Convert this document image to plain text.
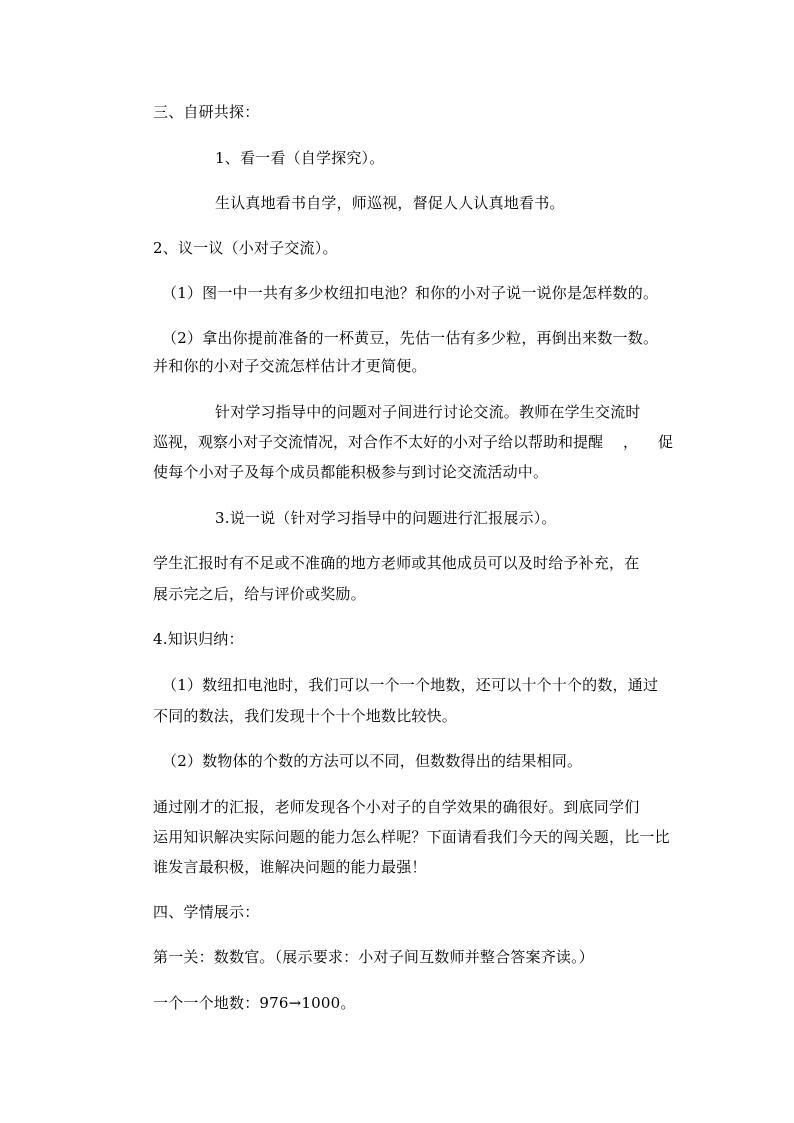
三、自研共探：
1、看一看（自学探究）。
生认真地看书自学，师巡视，督促人人认真地看书。
2、议一议（小对子交流）。
（1）图一中一共有多少枚纽扣电池？和你的小对子说一说你是怎样数的。
（2）拿出你提前准备的一杯黄豆，先估一估有多少粒，再倒出来数一数。
并和你的小对子交流怎样估计才更简便。
针对学习指导中的问题对子间进行讨论交流。教师在学生交流时
巡视，观察小对子交流情况，对合作不太好的小对子给以帮助和提醒 ， 促
使每个小对子及每个成员都能积极参与到讨论交流活动中。
3.说一说（针对学习指导中的问题进行汇报展示）。
学生汇报时有不足或不准确的地方老师或其他成员可以及时给予补充，在
展示完之后，给与评价或奖励。
4.知识归纳：
（1）数纽扣电池时，我们可以一个一个地数，还可以十个十个的数，通过
不同的数法，我们发现十个十个地数比较快。
（2）数物体的个数的方法可以不同，但数数得出的结果相同。
通过刚才的汇报，老师发现各个小对子的自学效果的确很好。到底同学们
运用知识解决实际问题的能力怎么样呢？下面请看我们今天的闯关题，比一比
谁发言最积极，谁解决问题的能力最强！
四、学情展示：
第一关：数数官。（展示要求：小对子间互数师并整合答案齐读。）
一个一个地数：976→1000。
